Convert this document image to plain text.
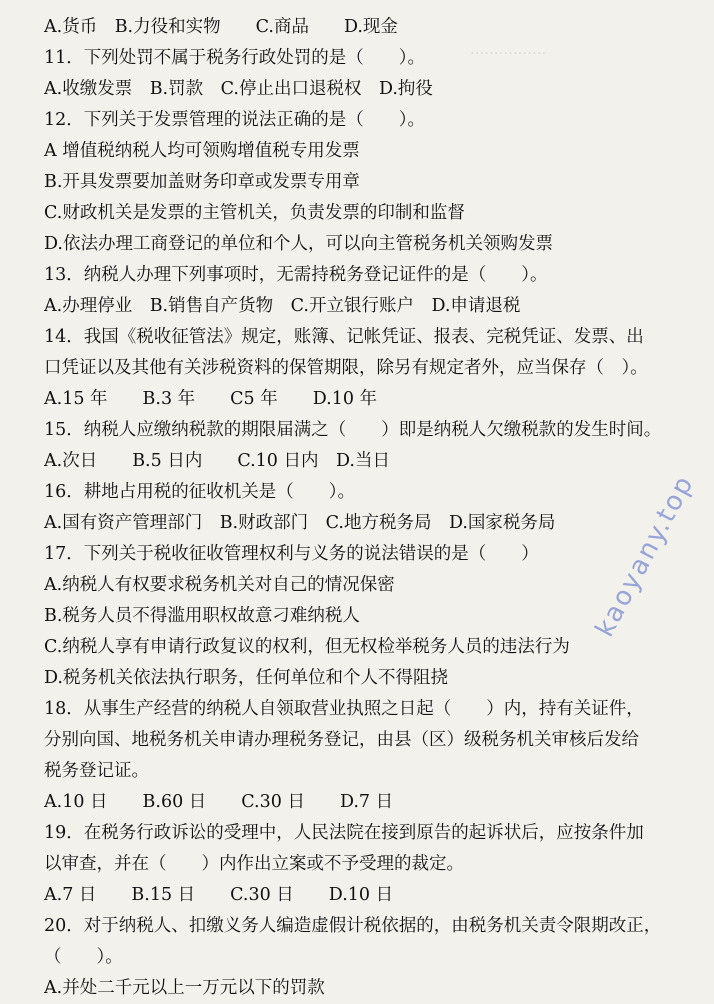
A.货币　B.力役和实物　　C.商品　　D.现金
11．下列处罚不属于税务行政处罚的是（　　）。
A.收缴发票　B.罚款　C.停止出口退税权　D.拘役
12．下列关于发票管理的说法正确的是（　　）。
A 增值税纳税人均可领购增值税专用发票
B.开具发票要加盖财务印章或发票专用章
C.财政机关是发票的主管机关，负责发票的印制和监督
D.依法办理工商登记的单位和个人，可以向主管税务机关领购发票
13．纳税人办理下列事项时，无需持税务登记证件的是（　　）。
A.办理停业　B.销售自产货物　C.开立银行账户　D.申请退税
14．我国《税收征管法》规定，账簿、记帐凭证、报表、完税凭证、发票、出
口凭证以及其他有关涉税资料的保管期限，除另有规定者外，应当保存（　）。
A.15 年　　B.3 年　　C5 年　　D.10 年
15．纳税人应缴纳税款的期限届满之（　　）即是纳税人欠缴税款的发生时间。
A.次日　　B.5 日内　　C.10 日内　D.当日
16．耕地占用税的征收机关是（　　）。
A.国有资产管理部门　B.财政部门　C.地方税务局　D.国家税务局
17．下列关于税收征收管理权利与义务的说法错误的是（　　）
A.纳税人有权要求税务机关对自己的情况保密
B.税务人员不得滥用职权故意刁难纳税人
C.纳税人享有申请行政复议的权利，但无权检举税务人员的违法行为
D.税务机关依法执行职务，任何单位和个人不得阻挠
18．从事生产经营的纳税人自领取营业执照之日起（　　）内，持有关证件，
分别向国、地税务机关申请办理税务登记，由县（区）级税务机关审核后发给
税务登记证。
A.10 日　　B.60 日　　C.30 日　　D.7 日
19．在税务行政诉讼的受理中，人民法院在接到原告的起诉状后，应按条件加
以审查，并在（　　）内作出立案或不予受理的裁定。
A.7 日　　B.15 日　　C.30 日　　D.10 日
20．对于纳税人、扣缴义务人编造虚假计税依据的，由税务机关责令限期改正，
（　　）。
A.并处二千元以上一万元以下的罚款
................
kaoyany.top
